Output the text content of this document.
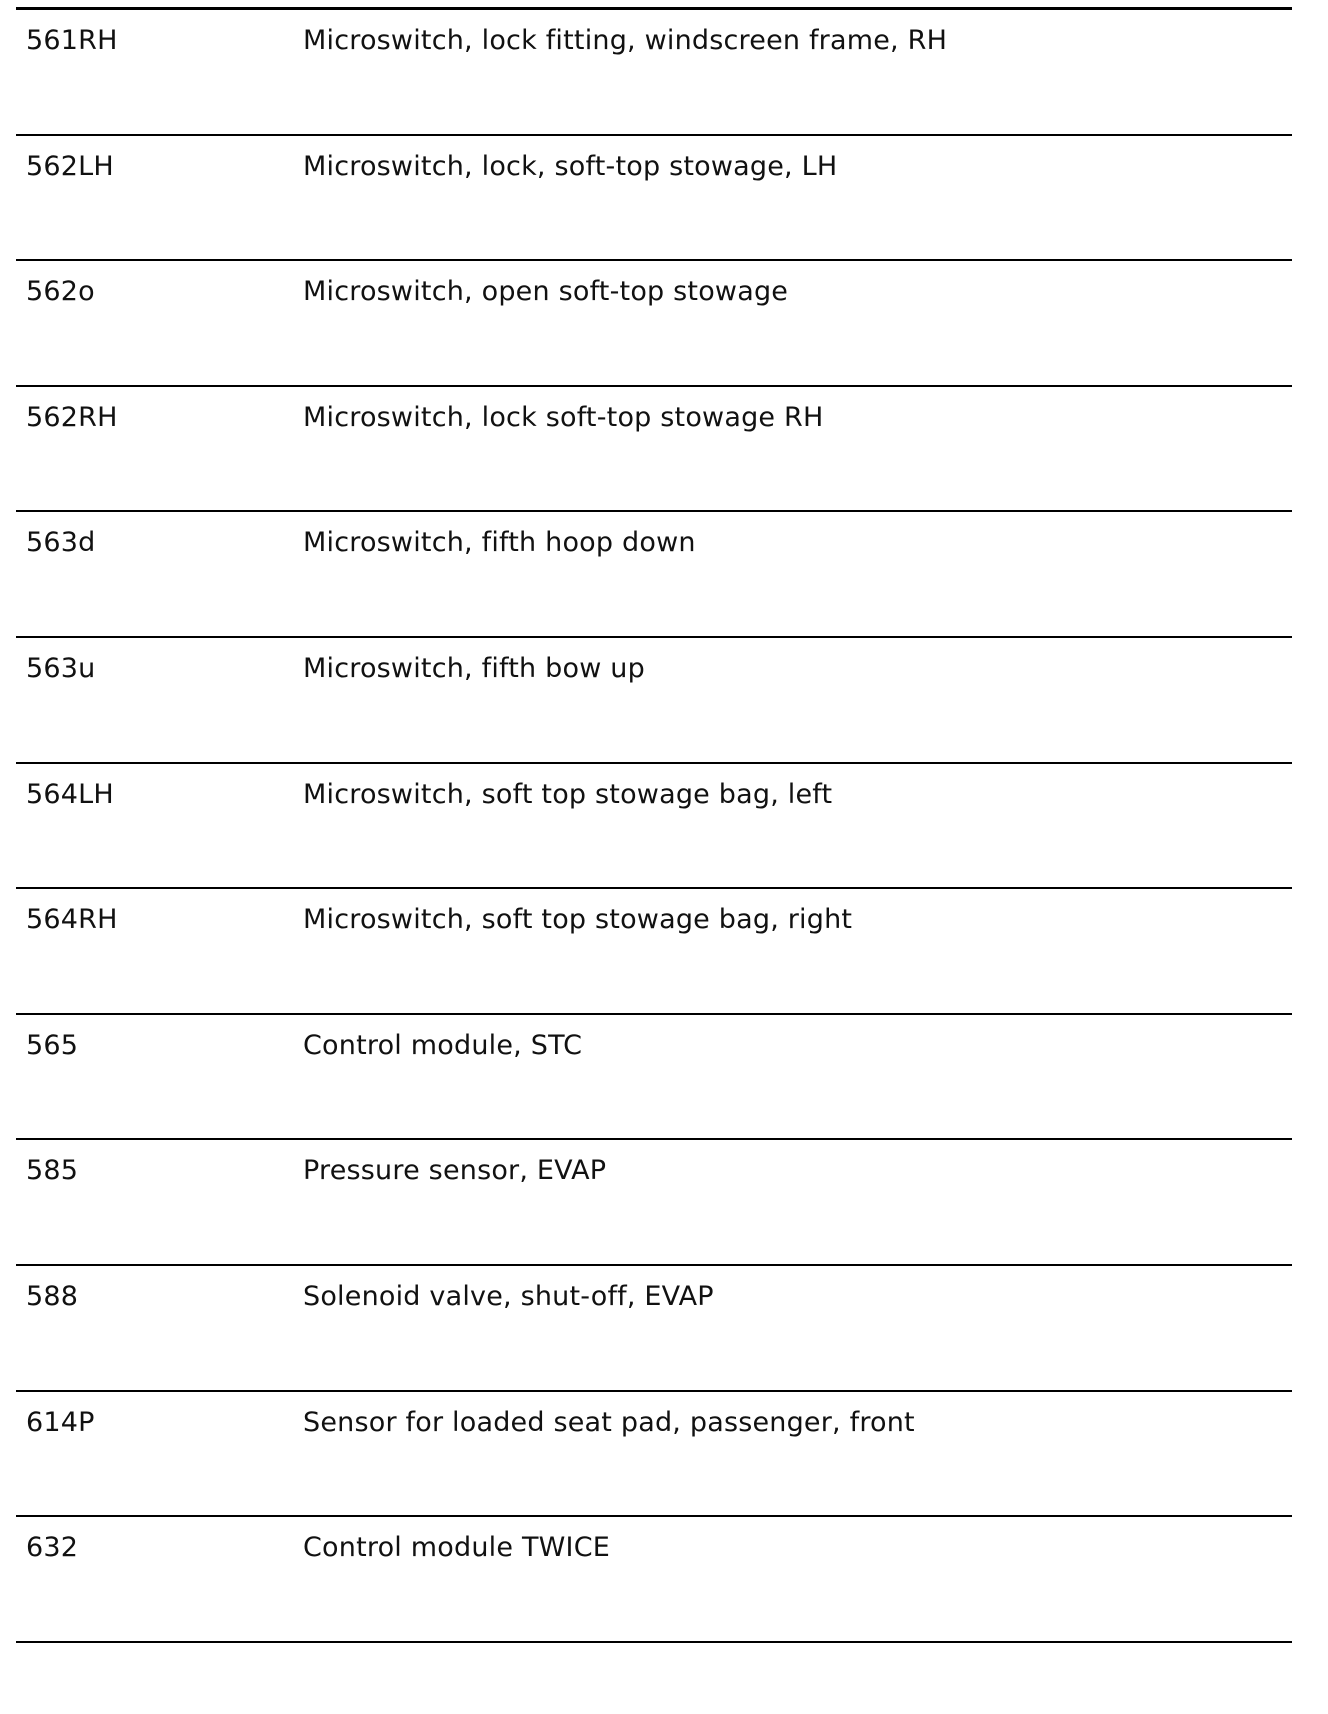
561RH	Microswitch, lock fitting, windscreen frame, RH
562LH	Microswitch, lock, soft-top stowage, LH
562o	Microswitch, open soft-top stowage
562RH	Microswitch, lock soft-top stowage RH
563d	Microswitch, fifth hoop down
563u	Microswitch, fifth bow up
564LH	Microswitch, soft top stowage bag, left
564RH	Microswitch, soft top stowage bag, right
565	Control module, STC
585	Pressure sensor, EVAP
588	Solenoid valve, shut-off, EVAP
614P	Sensor for loaded seat pad, passenger, front
632	Control module TWICE
